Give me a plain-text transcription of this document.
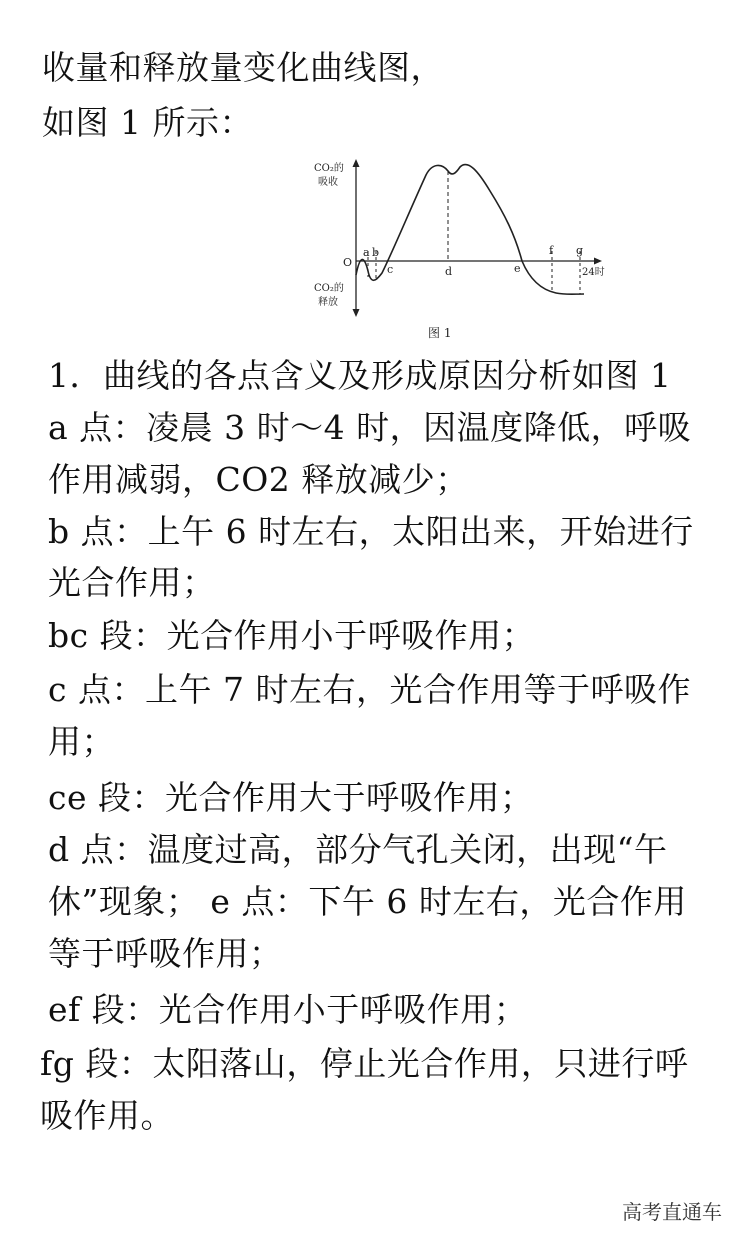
收量和释放量变化曲线图，
如图 1 所示：
CO₂的
吸收
CO₂的
释放
O
24时
a b
c	d	e
f g
图 1
1．曲线的各点含义及形成原因分析如图 1
a 点：凌晨 3 时～4 时，因温度降低，呼吸
作用减弱，CO2 释放减少；
b 点：上午 6 时左右，太阳出来，开始进行
光合作用；
bc 段：光合作用小于呼吸作用；
c 点：上午 7 时左右，光合作用等于呼吸作
用；
ce 段：光合作用大于呼吸作用；
d 点：温度过高，部分气孔关闭，出现“午
休”现象； e 点：下午 6 时左右，光合作用
等于呼吸作用；
ef 段：光合作用小于呼吸作用；
fg 段：太阳落山，停止光合作用，只进行呼
吸作用。
高考直通车
